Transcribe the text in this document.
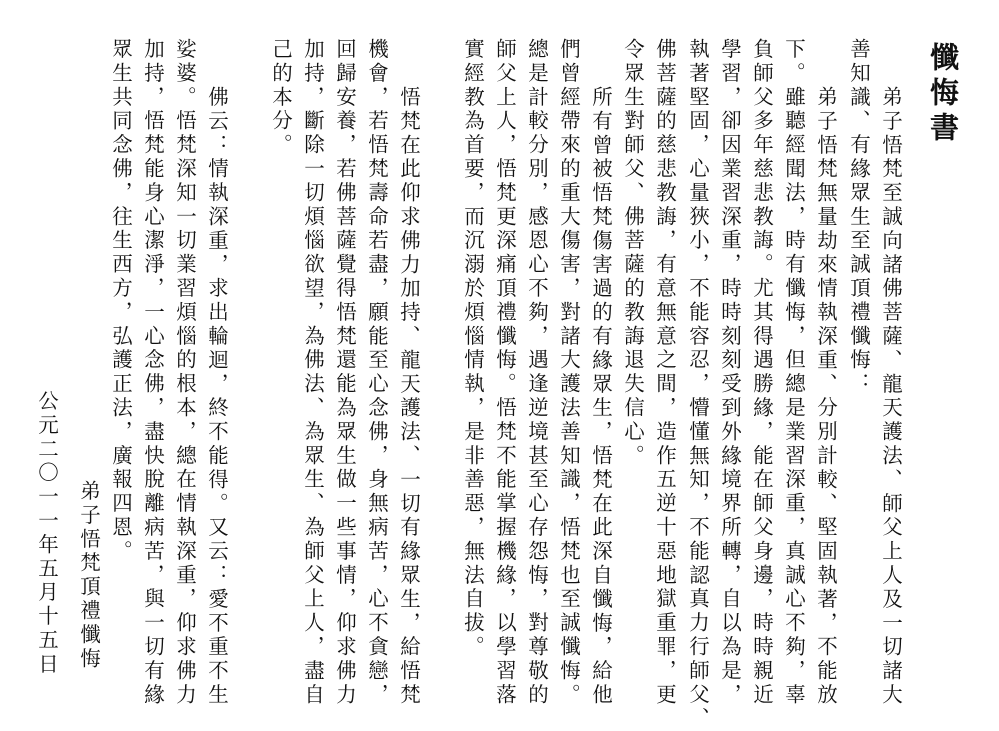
懺悔書
弟子悟梵至誠向諸佛菩薩、龍天護法、師父上人及一切諸大
善知識、有緣眾生至誠頂禮懺悔：
弟子悟梵無量劫來情執深重、分別計較、堅固執著，不能放
下。雖聽經聞法，時有懺悔，但總是業習深重，真誠心不夠，辜
負師父多年慈悲教誨。尤其得遇勝緣，能在師父身邊，時時親近
學習，卻因業習深重，時時刻刻受到外緣境界所轉，自以為是，
執著堅固，心量狹小，不能容忍，懵懂無知，不能認真力行師父、
佛菩薩的慈悲教誨，有意無意之間，造作五逆十惡地獄重罪，更
令眾生對師父、佛菩薩的教誨退失信心。
所有曾被悟梵傷害過的有緣眾生，悟梵在此深自懺悔，給他
們曾經帶來的重大傷害，對諸大護法善知識，悟梵也至誠懺悔。
總是計較分別，感恩心不夠，遇逢逆境甚至心存怨悔，對尊敬的
師父上人，悟梵更深痛頂禮懺悔。悟梵不能掌握機緣，以學習落
實經教為首要，而沉溺於煩惱情執，是非善惡，無法自拔。
悟梵在此仰求佛力加持、龍天護法、一切有緣眾生，給悟梵
機會，若悟梵壽命若盡，願能至心念佛，身無病苦，心不貪戀，
回歸安養，若佛菩薩覺得悟梵還能為眾生做一些事情，仰求佛力
加持，斷除一切煩惱欲望，為佛法、為眾生、為師父上人，盡自
己的本分。
佛云：情執深重，求出輪迴，終不能得。又云：愛不重不生
娑婆。悟梵深知一切業習煩惱的根本，總在情執深重，仰求佛力
加持，悟梵能身心潔淨，一心念佛，盡快脫離病苦，與一切有緣
眾生共同念佛，往生西方，弘護正法，廣報四恩。
弟子悟梵頂禮懺悔
公元二〇一一年五月十五日
